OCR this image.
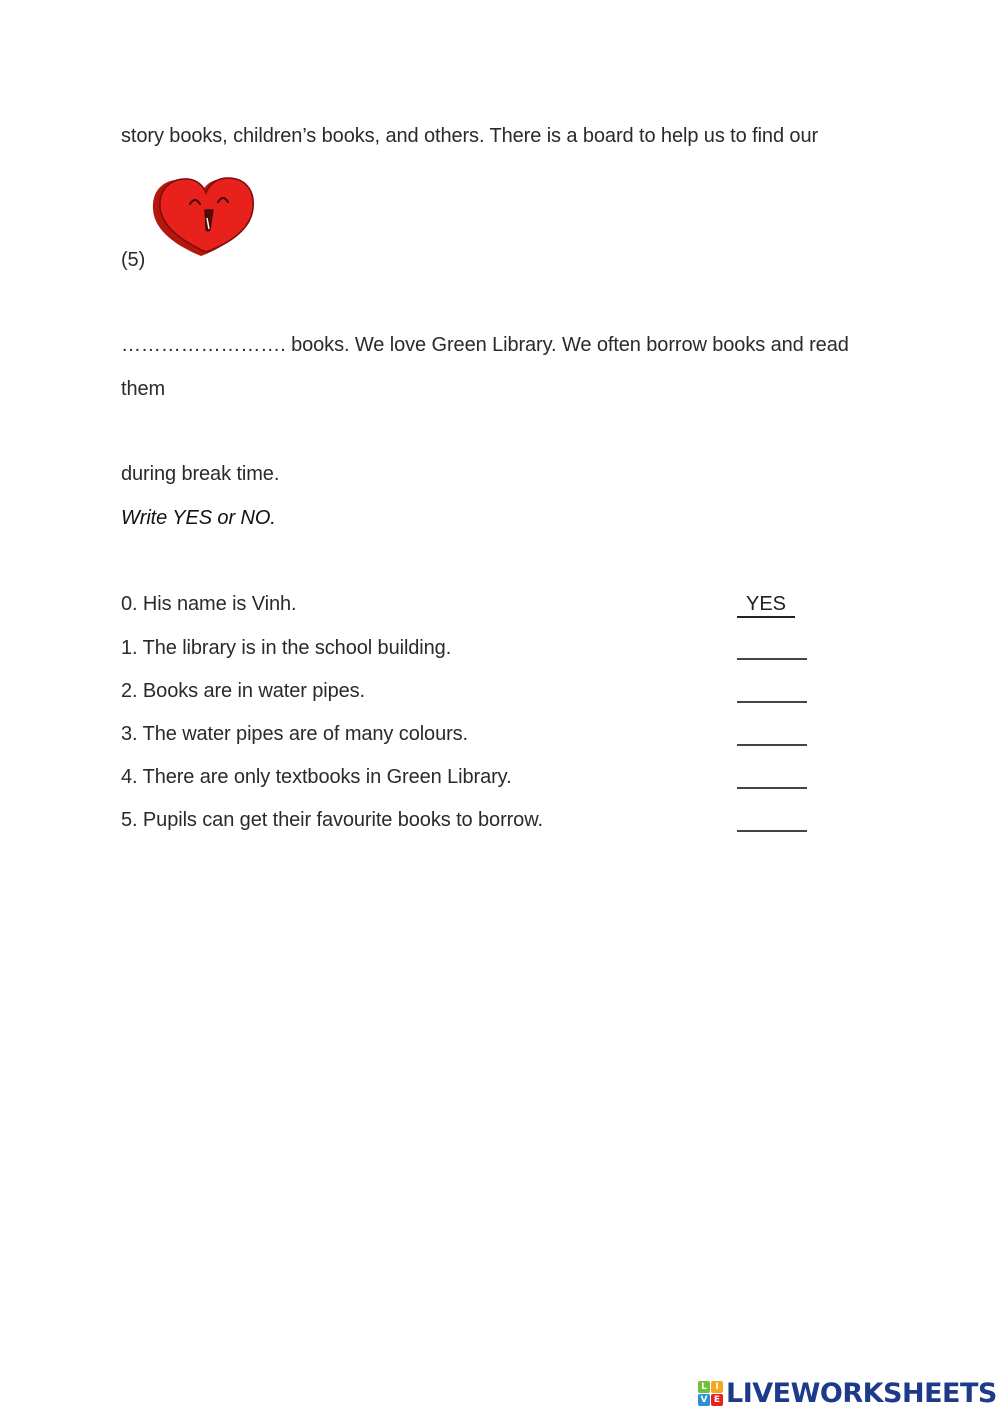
story books, children’s books, and others. There is a board to help us to find our
(5)
……………………. books. We love Green Library. We often borrow books and read
them
during break time.
Write YES or NO.
0. His name is Vinh.	YES
1. The library is in the school building.
2. Books are in water pipes.
3. The water pipes are of many colours.
4. There are only textbooks in Green Library.
5. Pupils can get their favourite books to borrow.
L I
V E LIVEWORKSHEETS
